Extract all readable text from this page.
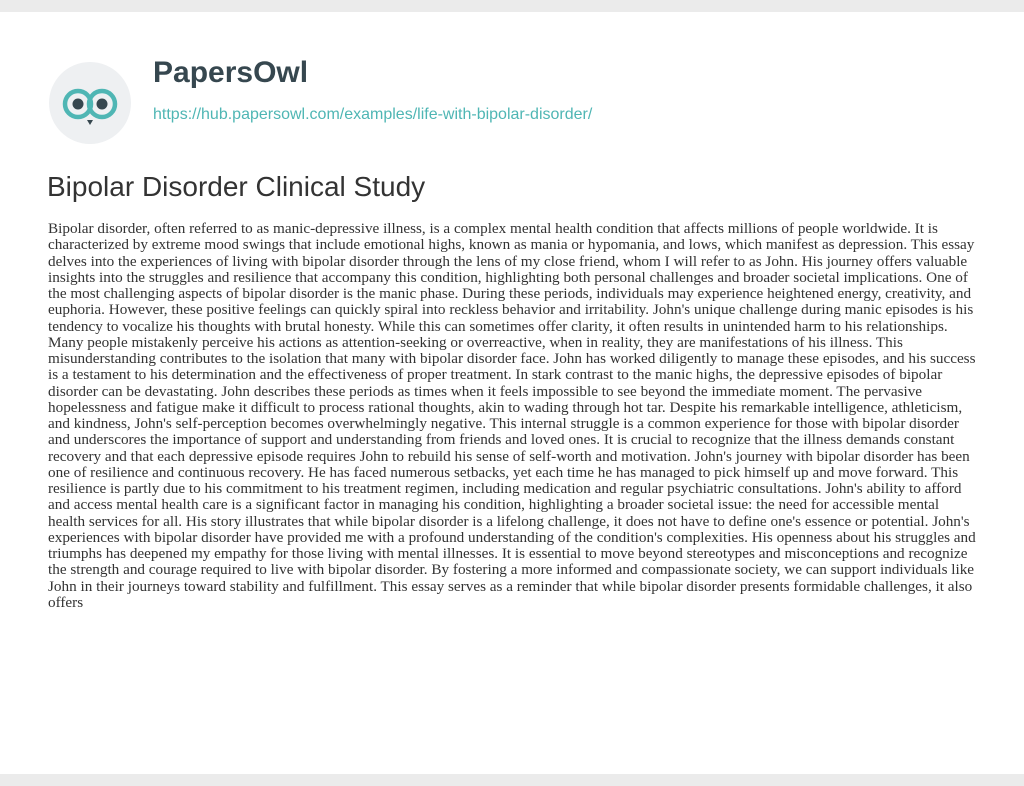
PapersOwl
https://hub.papersowl.com/examples/life-with-bipolar-disorder/
Bipolar Disorder Clinical Study

Bipolar disorder, often referred to as manic-depressive illness, is a complex mental health condition that affects millions of people worldwide. It is characterized by extreme mood swings that include emotional highs, known as mania or hypomania, and lows, which manifest as depression. This essay delves into the experiences of living with bipolar disorder through the lens of my close friend, whom I will refer to as John. His journey offers valuable insights into the struggles and resilience that accompany this condition, highlighting both personal challenges and broader societal implications. One of the most challenging aspects of bipolar disorder is the manic phase. During these periods, individuals may experience heightened energy, creativity, and euphoria. However, these positive feelings can quickly spiral into reckless behavior and irritability. John's unique challenge during manic episodes is his tendency to vocalize his thoughts with brutal honesty. While this can sometimes offer clarity, it often results in unintended harm to his relationships. Many people mistakenly perceive his actions as attention-seeking or overreactive, when in reality, they are manifestations of his illness. This misunderstanding contributes to the isolation that many with bipolar disorder face. John has worked diligently to manage these episodes, and his success is a testament to his determination and the effectiveness of proper treatment. In stark contrast to the manic highs, the depressive episodes of bipolar disorder can be devastating. John describes these periods as times when it feels impossible to see beyond the immediate moment. The pervasive hopelessness and fatigue make it difficult to process rational thoughts, akin to wading through hot tar. Despite his remarkable intelligence, athleticism, and kindness, John's self-perception becomes overwhelmingly negative. This internal struggle is a common experience for those with bipolar disorder and underscores the importance of support and understanding from friends and loved ones. It is crucial to recognize that the illness demands constant recovery and that each depressive episode requires John to rebuild his sense of self-worth and motivation. John's journey with bipolar disorder has been one of resilience and continuous recovery. He has faced numerous setbacks, yet each time he has managed to pick himself up and move forward. This resilience is partly due to his commitment to his treatment regimen, including medication and regular psychiatric consultations. John's ability to afford and access mental health care is a significant factor in managing his condition, highlighting a broader societal issue: the need for accessible mental health services for all. His story illustrates that while bipolar disorder is a lifelong challenge, it does not have to define one's essence or potential. John's experiences with bipolar disorder have provided me with a profound understanding of the condition's complexities. His openness about his struggles and triumphs has deepened my empathy for those living with mental illnesses. It is essential to move beyond stereotypes and misconceptions and recognize the strength and courage required to live with bipolar disorder. By fostering a more informed and compassionate society, we can support individuals like John in their journeys toward stability and fulfillment. This essay serves as a reminder that while bipolar disorder presents formidable challenges, it also offers
